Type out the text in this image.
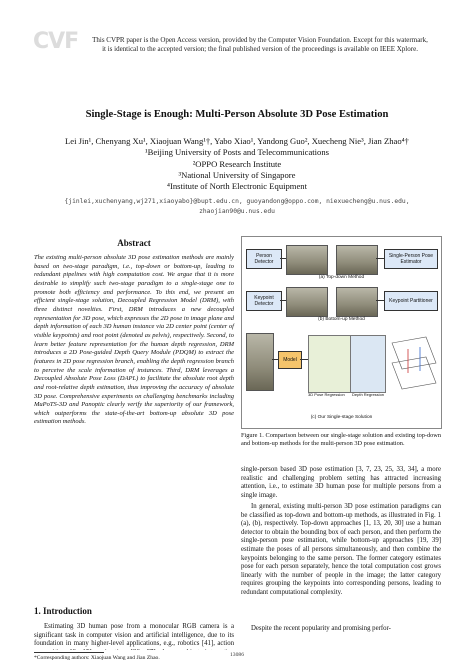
CVF This CVPR paper is the Open Access version, provided by the Computer Vision Foundation. Except for this watermark, it is identical to the accepted version; the final published version of the proceedings is available on IEEE Xplore.
Single-Stage is Enough: Multi-Person Absolute 3D Pose Estimation
Lei Jin¹, Chenyang Xu¹, Xiaojuan Wang¹†, Yabo Xiao¹, Yandong Guo², Xuecheng Nie³, Jian Zhao⁴†
¹Beijing University of Posts and Telecommunications
²OPPO Research Institute
³National University of Singapore
⁴Institute of North Electronic Equipment
{jinlei,xuchenyang,wj271,xiaoyabo}@bupt.edu.cn, guoyandong@oppo.com, niexuecheng@u.nus.edu,
zhaojian90@u.nus.edu
Abstract
The existing multi-person absolute 3D pose estimation methods are mainly based on two-stage paradigm, i.e., top-down or bottom-up, leading to redundant pipelines with high computation cost. We argue that it is more desirable to simplify such two-stage paradigm to a single-stage one to promote both efficiency and performance. To this end, we present an efficient single-stage solution, Decoupled Regression Model (DRM), with three distinct novelties. First, DRM introduces a new decoupled representation for 3D pose, which expresses the 2D pose in image plane and depth information of each 3D human instance via 2D center point (center of visible keypoints) and root point (denoted as pelvis), respectively. Second, to learn better feature representation for the human depth regression, DRM introduces a 2D Pose-guided Depth Query Module (PDQM) to extract the features in 2D pose regression branch, enabling the depth regression branch to perceive the scale information of instances. Third, DRM leverages a Decoupled Absolute Pose Loss (DAPL) to facilitate the absolute root depth and root-relative depth estimation, thus improving the accuracy of absolute 3D pose. Comprehensive experiments on challenging benchmarks including MuPoTS-3D and Panoptic clearly verify the superiority of our framework, which outperforms the state-of-the-art bottom-up absolute 3D pose estimation methods.
1. Introduction
Estimating 3D human pose from a monocular RGB camera is a significant task in computer vision and artificial intelligence, due to its foundation in many higher-level applications, e.g., robotics [41], action
*Corresponding authors: Xiaojuan Wang and Jian Zhao.
Person Detector
Single-Person Pose Estimator
(a) Top-down Method
Keypoint Detector	Keypoint Partitioner
(b) Bottom-up Method
Model
3D Pose Regression Depth Regression
(c) Our Single-stage Solution
Figure 1. Comparison between our single-stage solution and existing top-down and bottom-up methods for the multi-person 3D pose estimation.
single-person based 3D pose estimation [3, 7, 23, 25, 33, 34], a more realistic and challenging problem setting has attracted increasing attention, i.e., to estimate 3D human pose for multiple persons from a single image.
In general, existing multi-person 3D pose estimation paradigms can be classified as top-down and bottom-up methods, as illustrated in Fig. 1 (a), (b), respectively. Top-down approaches [1, 13, 20, 30] use a human detector to obtain the bounding box of each person, and then perform the single-person pose estimation, while bottom-up approaches [19, 39] estimate the poses of all persons simultaneously, and then combine the keypoints belonging to the same person. The former category estimates pose for each person separately, hence the total computation cost grows linearly with the number of people in the image; the latter category requires grouping the keypoints into corresponding persons, leading to redundant computational complexity.
Despite the recent popularity and promising perfor-
13086
